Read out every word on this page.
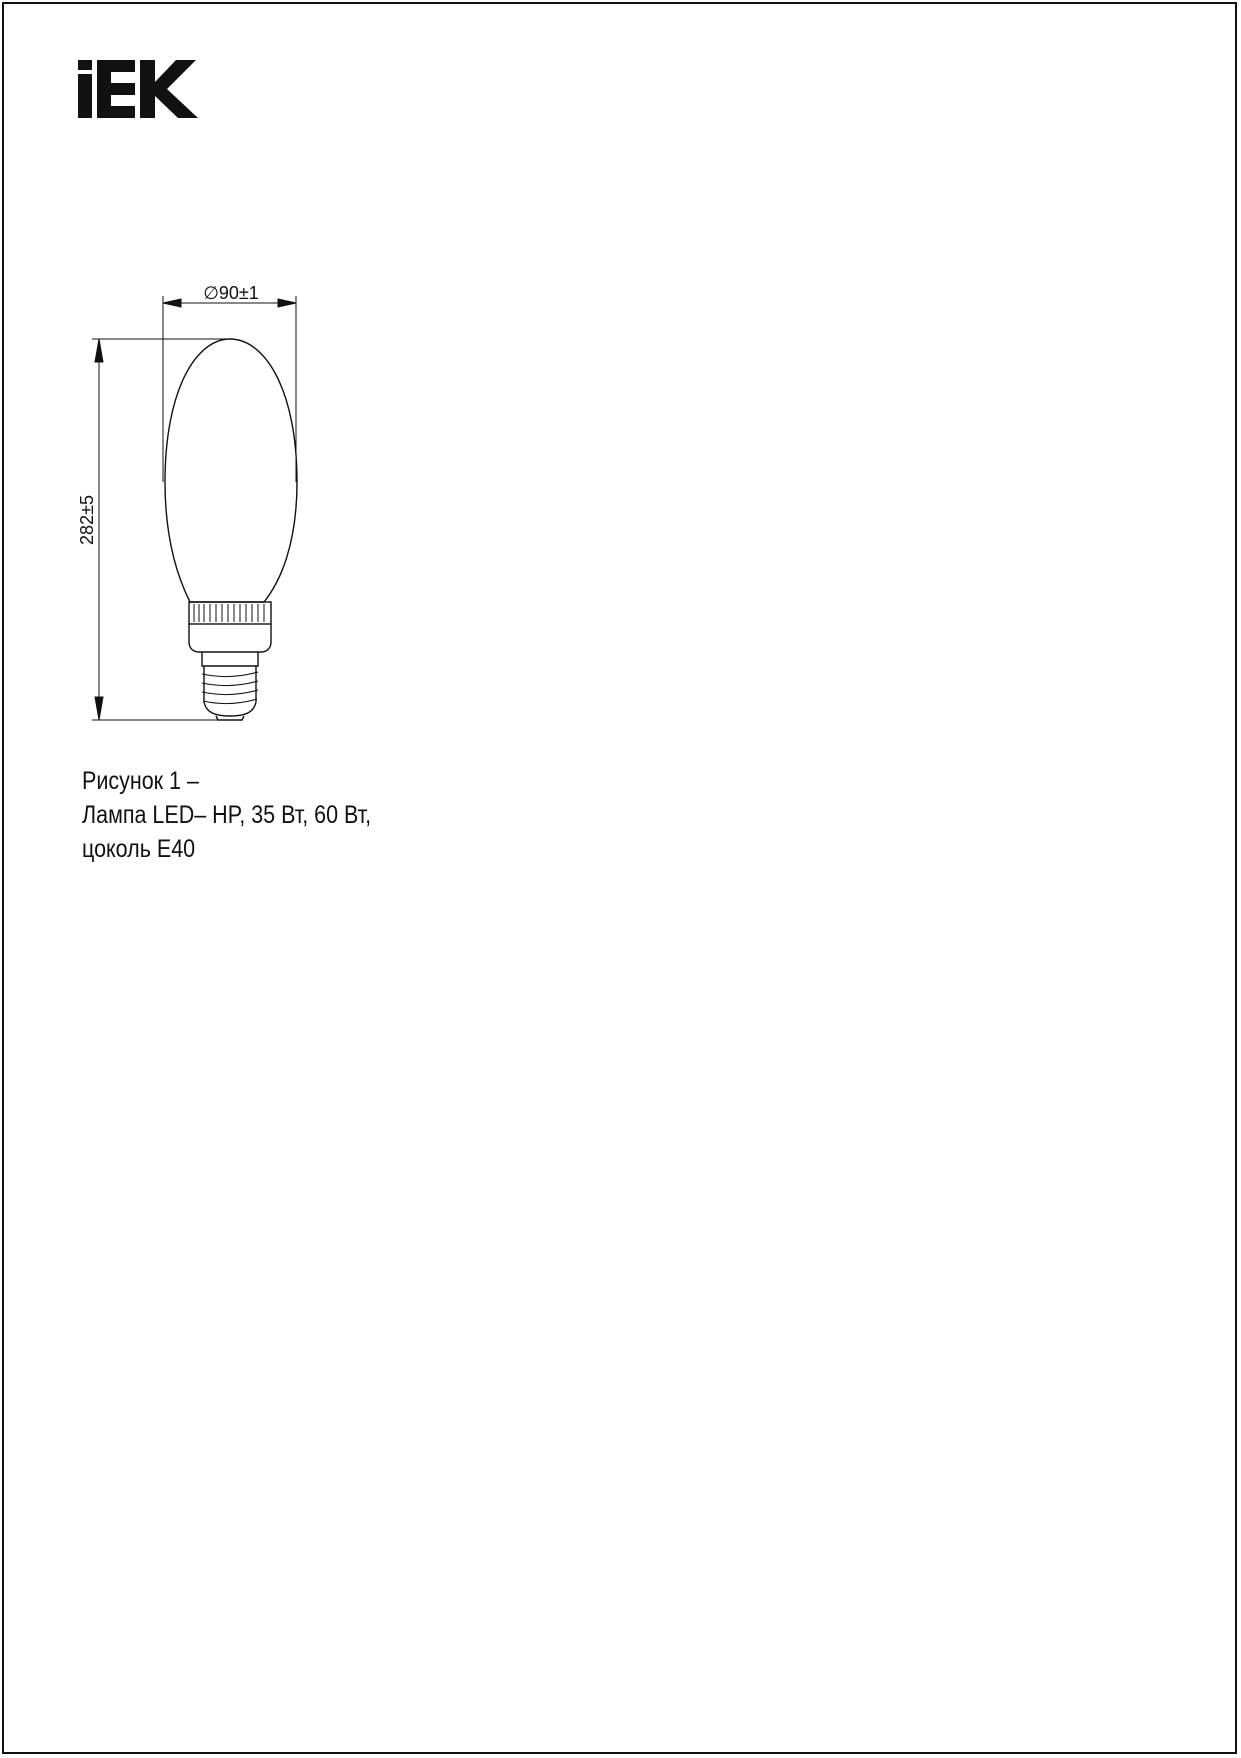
∅90±1
282±5
Рисунок 1 –
Лампа LED– HP, 35 Вт, 60 Вт,
цоколь E40
